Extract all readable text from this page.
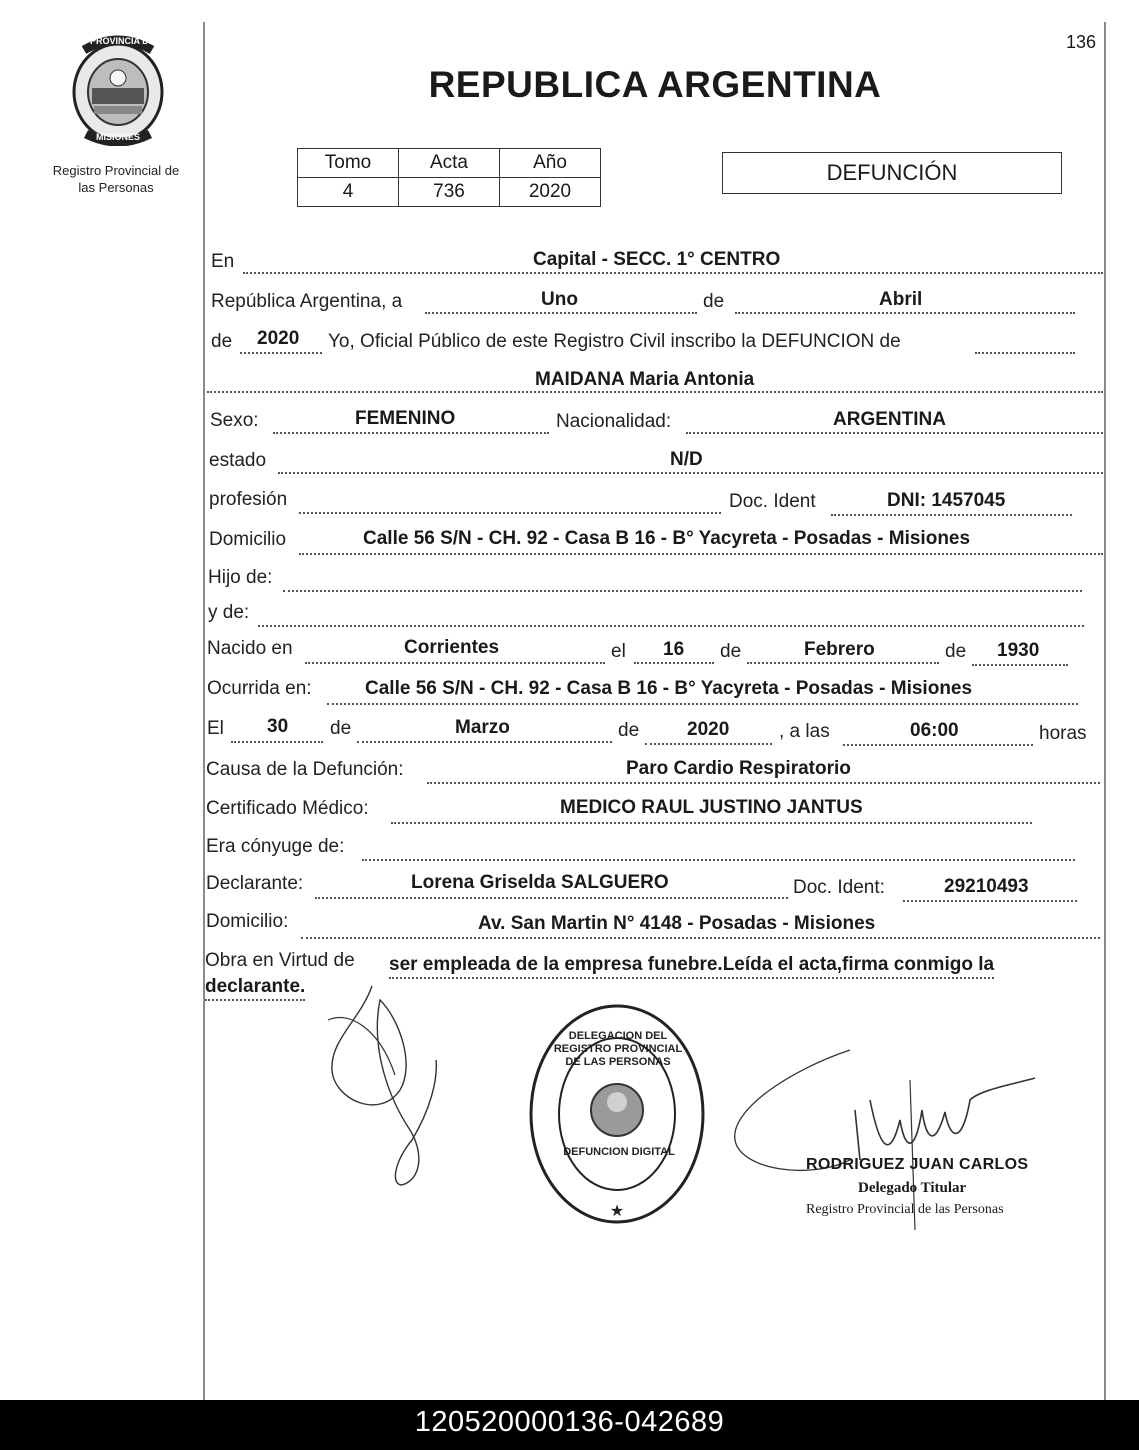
PROVINCIA DE
MISIONES
Registro Provincial de
las Personas
136
REPUBLICA ARGENTINA
Tomo	Acta	Año
4	736	2020
DEFUNCIÓN
En	Capital - SECC. 1° CENTRO
República Argentina, a	Uno	de	Abril
de 2020 Yo, Oficial Público de este Registro Civil inscribo la DEFUNCION de
MAIDANA Maria Antonia
Sexo:	FEMENINO	Nacionalidad:	ARGENTINA
estado	N/D
profesión	Doc. Ident	DNI: 1457045
Domicilio	Calle 56 S/N - CH. 92 - Casa B 16 - B° Yacyreta - Posadas - Misiones
Hijo de:
y de:
Nacido en	Corrientes	el 16 de	Febrero	de 1930
Ocurrida en:	Calle 56 S/N - CH. 92 - Casa B 16 - B° Yacyreta - Posadas - Misiones
El 30 de	Marzo	de	2020	, a las	06:00	horas
Causa de la Defunción:	Paro Cardio Respiratorio
Certificado Médico:	MEDICO RAUL JUSTINO JANTUS
Era cónyuge de:
Declarante:	Lorena Griselda SALGUERO	Doc. Ident:	29210493
Domicilio:	Av. San Martin N° 4148 - Posadas - Misiones
Obra en Virtud de ser empleada de la empresa funebre.Leída el acta,firma conmigo la
declarante.
★
DELEGACION DEL REGISTRO PROVINCIAL DE LAS PERSONAS
DEFUNCION DIGITAL
RODRIGUEZ JUAN CARLOS
Delegado Titular
Registro Provincial de las Personas
120520000136-042689
